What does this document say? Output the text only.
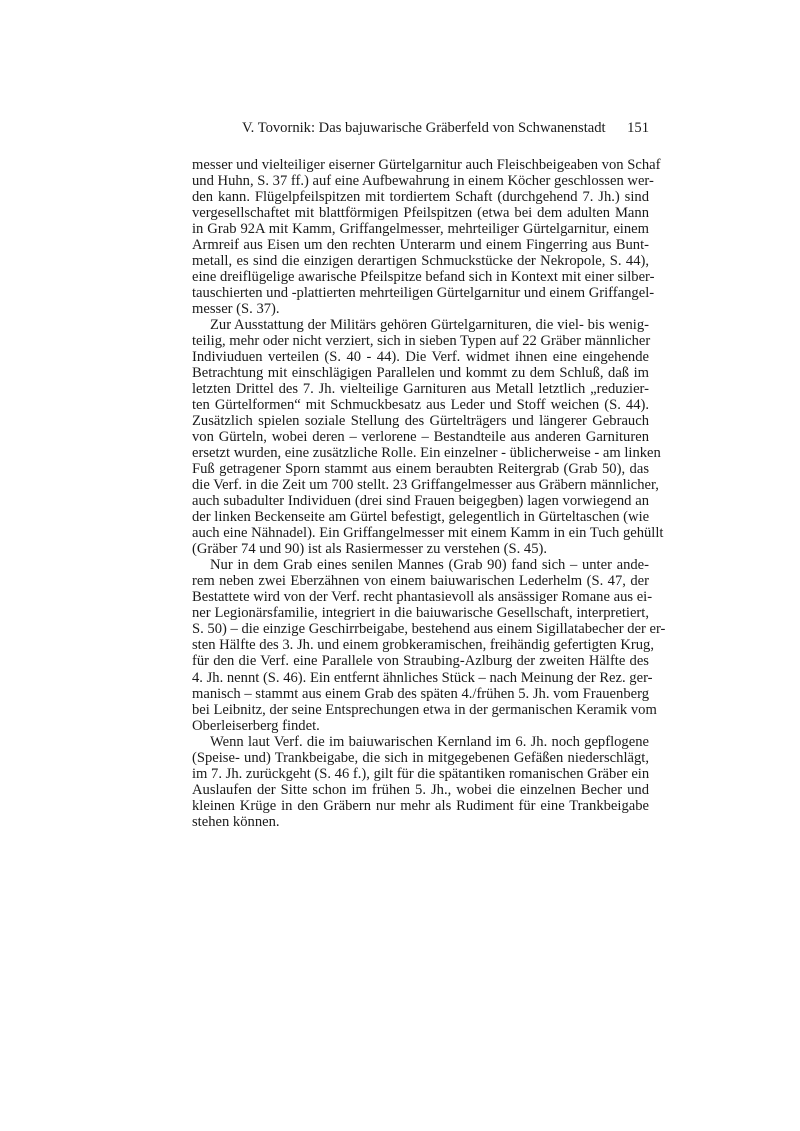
V. Tovornik: Das bajuwarische Gräberfeld von Schwanenstadt 151
messer und vielteiliger eiserner Gürtelgarnitur auch Fleischbeigeaben von Schaf
und Huhn, S. 37 ff.) auf eine Aufbewahrung in einem Köcher geschlossen wer-
den kann. Flügelpfeilspitzen mit tordiertem Schaft (durchgehend 7. Jh.) sind
vergesellschaftet mit blattförmigen Pfeilspitzen (etwa bei dem adulten Mann
in Grab 92A mit Kamm, Griffangelmesser, mehrteiliger Gürtelgarnitur, einem
Armreif aus Eisen um den rechten Unterarm und einem Fingerring aus Bunt-
metall, es sind die einzigen derartigen Schmuckstücke der Nekropole, S. 44),
eine dreiflügelige awarische Pfeilspitze befand sich in Kontext mit einer silber-
tauschierten und -plattierten mehrteiligen Gürtelgarnitur und einem Griffangel-
messer (S. 37).
Zur Ausstattung der Militärs gehören Gürtelgarnituren, die viel- bis wenig-
teilig, mehr oder nicht verziert, sich in sieben Typen auf 22 Gräber männlicher
Indiviuduen verteilen (S. 40 - 44). Die Verf. widmet ihnen eine eingehende
Betrachtung mit einschlägigen Parallelen und kommt zu dem Schluß, daß im
letzten Drittel des 7. Jh. vielteilige Garnituren aus Metall letztlich „reduzier-
ten Gürtelformen“ mit Schmuckbesatz aus Leder und Stoff weichen (S. 44).
Zusätzlich spielen soziale Stellung des Gürtelträgers und längerer Gebrauch
von Gürteln, wobei deren – verlorene – Bestandteile aus anderen Garnituren
ersetzt wurden, eine zusätzliche Rolle. Ein einzelner - üblicherweise - am linken
Fuß getragener Sporn stammt aus einem beraubten Reitergrab (Grab 50), das
die Verf. in die Zeit um 700 stellt. 23 Griffangelmesser aus Gräbern männlicher,
auch subadulter Individuen (drei sind Frauen beigegben) lagen vorwiegend an
der linken Beckenseite am Gürtel befestigt, gelegentlich in Gürteltaschen (wie
auch eine Nähnadel). Ein Griffangelmesser mit einem Kamm in ein Tuch gehüllt
(Gräber 74 und 90) ist als Rasiermesser zu verstehen (S. 45).
Nur in dem Grab eines senilen Mannes (Grab 90) fand sich – unter ande-
rem neben zwei Eberzähnen von einem baiuwarischen Lederhelm (S. 47, der
Bestattete wird von der Verf. recht phantasievoll als ansässiger Romane aus ei-
ner Legionärsfamilie, integriert in die baiuwarische Gesellschaft, interpretiert,
S. 50) – die einzige Geschirrbeigabe, bestehend aus einem Sigillatabecher der er-
sten Hälfte des 3. Jh. und einem grobkeramischen, freihändig gefertigten Krug,
für den die Verf. eine Parallele von Straubing-Azlburg der zweiten Hälfte des
4. Jh. nennt (S. 46). Ein entfernt ähnliches Stück – nach Meinung der Rez. ger-
manisch – stammt aus einem Grab des späten 4./frühen 5. Jh. vom Frauenberg
bei Leibnitz, der seine Entsprechungen etwa in der germanischen Keramik vom
Oberleiserberg findet.
Wenn laut Verf. die im baiuwarischen Kernland im 6. Jh. noch gepflogene
(Speise- und) Trankbeigabe, die sich in mitgegebenen Gefäßen niederschlägt,
im 7. Jh. zurückgeht (S. 46 f.), gilt für die spätantiken romanischen Gräber ein
Auslaufen der Sitte schon im frühen 5. Jh., wobei die einzelnen Becher und
kleinen Krüge in den Gräbern nur mehr als Rudiment für eine Trankbeigabe
stehen können.
